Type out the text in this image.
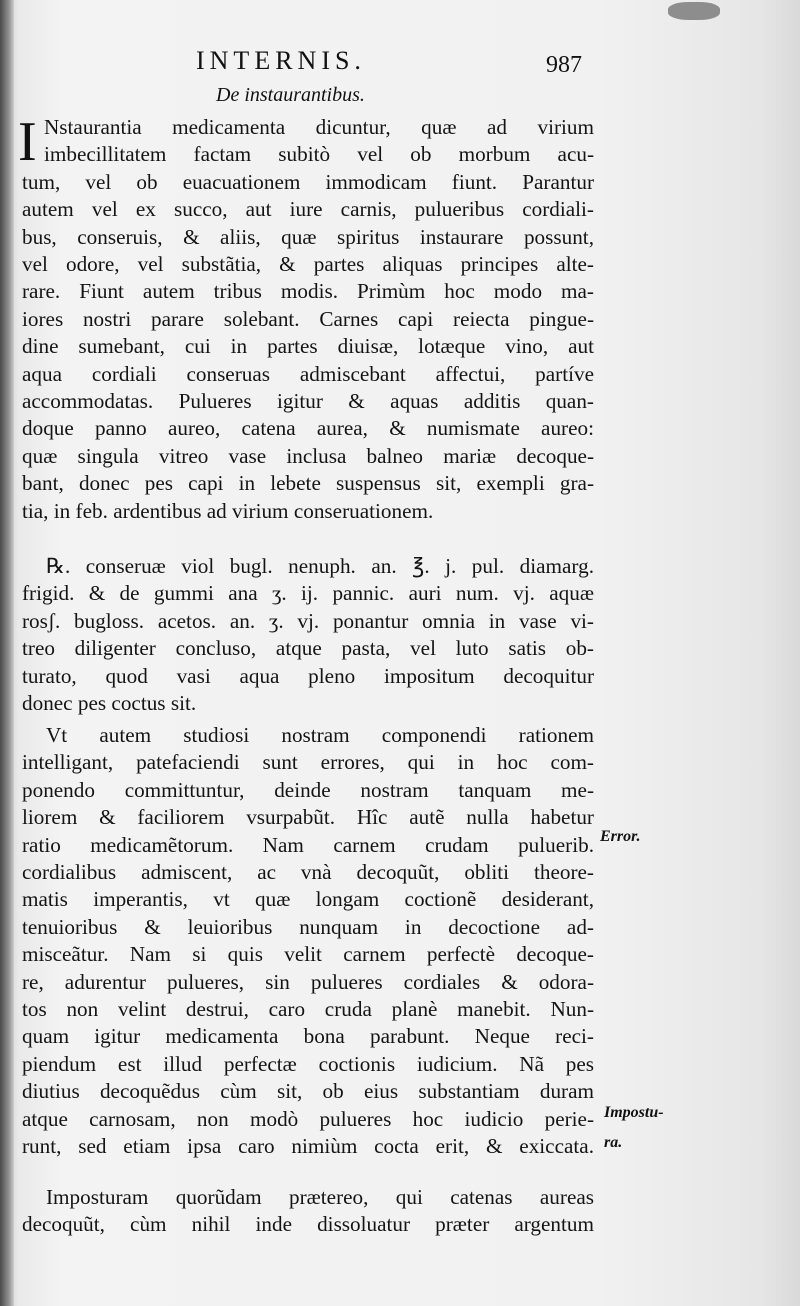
INTERNIS.	987
De instaurantibus.
I Nstaurantia medicamenta dicuntur, quæ ad virium
imbecillitatem factam subitò vel ob morbum acu-
tum, vel ob euacuationem immodicam fiunt. Parantur
autem vel ex succo, aut iure carnis, pulueribus cordiali-
bus, conseruis, & aliis, quæ spiritus instaurare possunt,
vel odore, vel substãtia, & partes aliquas principes alte-
rare. Fiunt autem tribus modis. Primùm hoc modo ma-
iores nostri parare solebant. Carnes capi reiecta pingue-
dine sumebant, cui in partes diuisæ, lotæque vino, aut
aqua cordiali conseruas admiscebant affectui, partíve
accommodatas. Pulueres igitur & aquas additis quan-
doque panno aureo, catena aurea, & numismate aureo:
quæ singula vitreo vase inclusa balneo mariæ decoque-
bant, donec pes capi in lebete suspensus sit, exempli gra-
tia, in feb. ardentibus ad virium conseruationem.
℞. conseruæ viol bugl. nenuph. an. ℥. j. pul. diamarg.
frigid. & de gummi ana ʒ. ij. pannic. auri num. vj. aquæ
rosʃ. bugloss. acetos. an. ʒ. vj. ponantur omnia in vase vi-
treo diligenter concluso, atque pasta, vel luto satis ob-
turato, quod vasi aqua pleno impositum decoquitur
donec pes coctus sit.
Vt autem studiosi nostram componendi rationem
intelligant, patefaciendi sunt errores, qui in hoc com-
ponendo committuntur, deinde nostram tanquam me-
liorem & faciliorem vsurpabũt. Hîc autẽ nulla habetur
ratio medicamẽtorum. Nam carnem crudam puluerib.
cordialibus admiscent, ac vnà decoquũt, obliti theore-
matis imperantis, vt quæ longam coctionẽ desiderant,
tenuioribus & leuioribus nunquam in decoctione ad-
misceãtur. Nam si quis velit carnem perfectè decoque-
re, adurentur pulueres, sin pulueres cordiales & odora-
tos non velint destrui, caro cruda planè manebit. Nun-
quam igitur medicamenta bona parabunt. Neque reci-
piendum est illud perfectæ coctionis iudicium. Nã pes
diutius decoquẽdus cùm sit, ob eius substantiam duram
atque carnosam, non modò pulueres hoc iudicio perie-
runt, sed etiam ipsa caro nimiùm cocta erit, & exiccata.
Imposturam quorũdam prætereo, qui catenas aureas
decoquũt, cùm nihil inde dissoluatur præter argentum
Error.
Impostu-
ra.
